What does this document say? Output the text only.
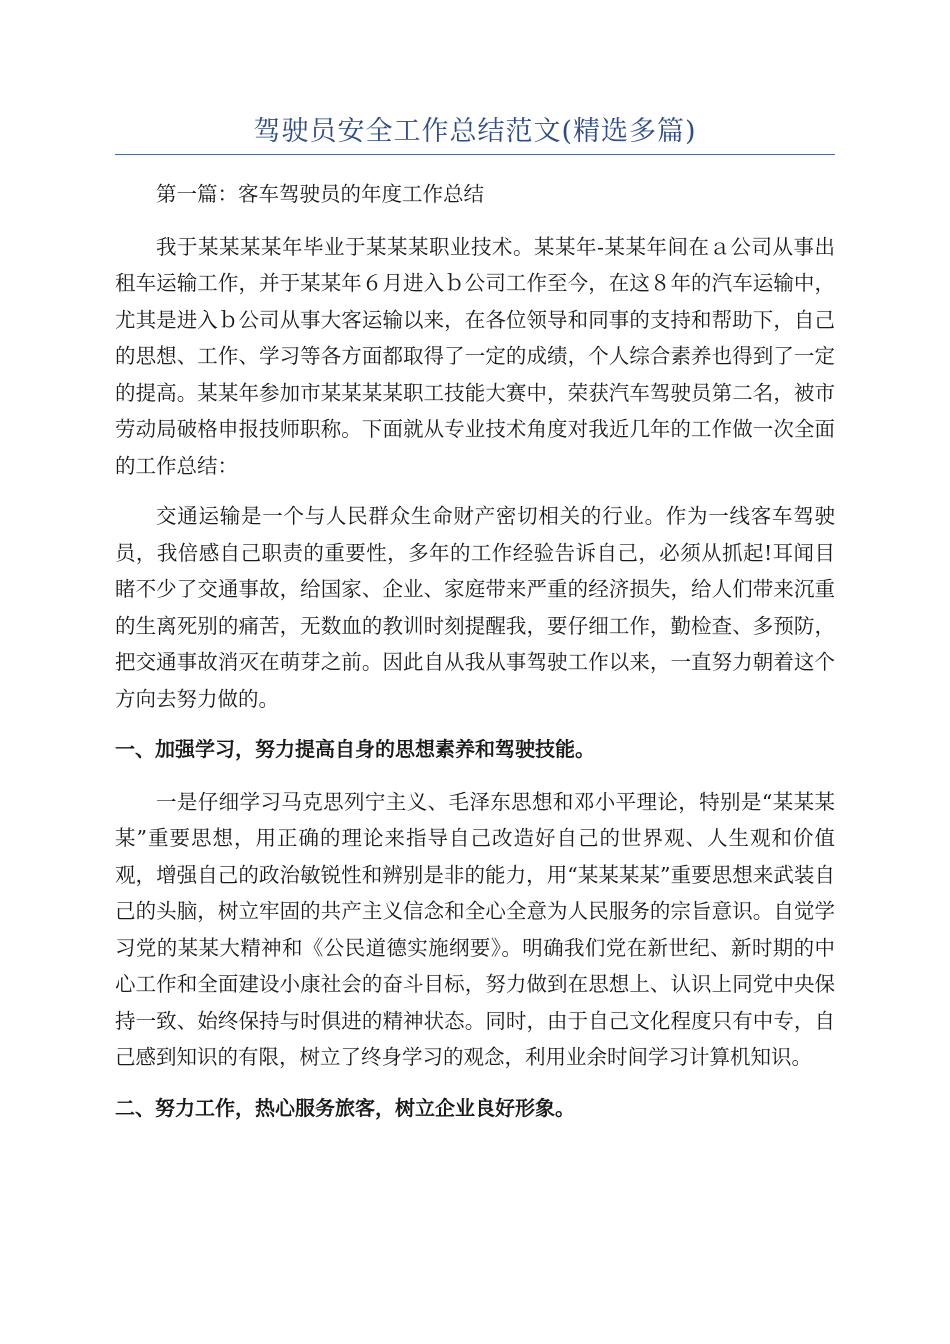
驾驶员安全工作总结范文(精选多篇)

第一篇：客车驾驶员的年度工作总结

我于某某某某年毕业于某某某职业技术。某某年-某某年间在ａ公司从事出租车运输工作，并于某某年６月进入ｂ公司工作至今，在这８年的汽车运输中，尤其是进入ｂ公司从事大客运输以来，在各位领导和同事的支持和帮助下，自己的思想、工作、学习等各方面都取得了一定的成绩，个人综合素养也得到了一定的提高。某某年参加市某某某某职工技能大赛中，荣获汽车驾驶员第二名，被市劳动局破格申报技师职称。下面就从专业技术角度对我近几年的工作做一次全面的工作总结：

交通运输是一个与人民群众生命财产密切相关的行业。作为一线客车驾驶员，我倍感自己职责的重要性，多年的工作经验告诉自己，必须从抓起!耳闻目睹不少了交通事故，给国家、企业、家庭带来严重的经济损失，给人们带来沉重的生离死别的痛苦，无数血的教训时刻提醒我，要仔细工作，勤检查、多预防，把交通事故消灭在萌芽之前。因此自从我从事驾驶工作以来，一直努力朝着这个方向去努力做的。

一、加强学习，努力提高自身的思想素养和驾驶技能。

一是仔细学习马克思列宁主义、毛泽东思想和邓小平理论，特别是“某某某某”重要思想，用正确的理论来指导自己改造好自己的世界观、人生观和价值观，增强自己的政治敏锐性和辨别是非的能力，用“某某某某”重要思想来武装自己的头脑，树立牢固的共产主义信念和全心全意为人民服务的宗旨意识。自觉学习党的某某大精神和《公民道德实施纲要》。明确我们党在新世纪、新时期的中心工作和全面建设小康社会的奋斗目标，努力做到在思想上、认识上同党中央保持一致、始终保持与时俱进的精神状态。同时，由于自己文化程度只有中专，自己感到知识的有限，树立了终身学习的观念，利用业余时间学习计算机知识。

二、努力工作，热心服务旅客，树立企业良好形象。
